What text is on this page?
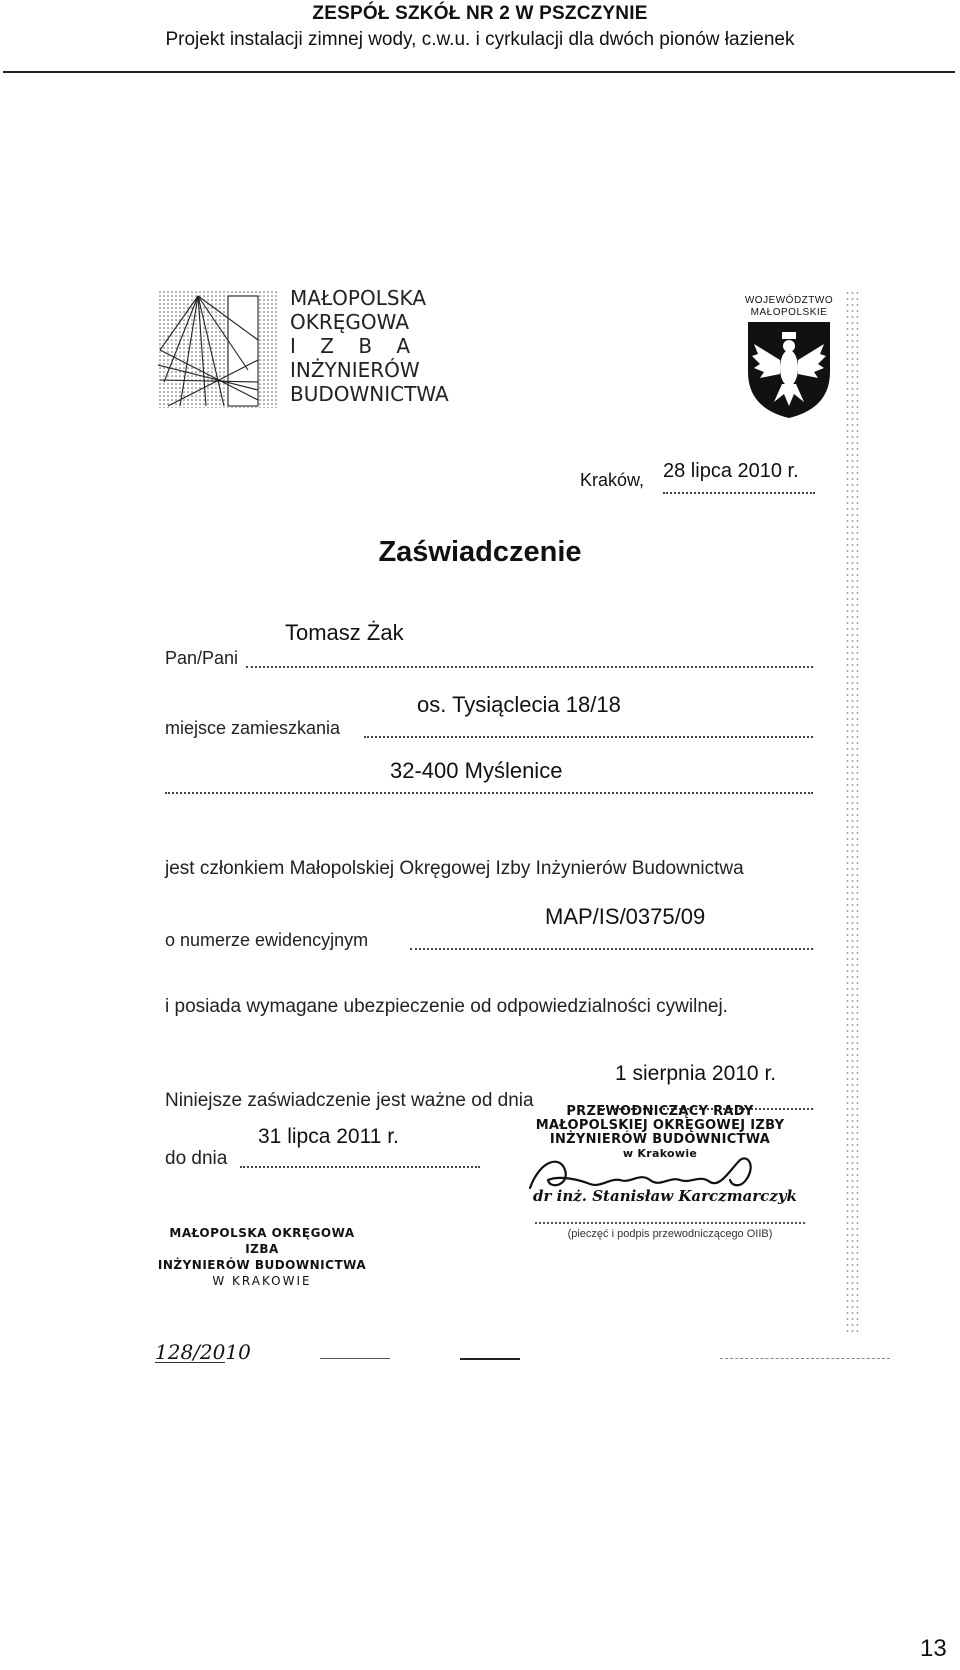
ZESPÓŁ SZKÓŁ NR 2 W PSZCZYNIE
Projekt instalacji zimnej wody, c.w.u. i cyrkulacji dla dwóch pionów łazienek
MAŁOPOLSKA
OKRĘGOWA
I Z B A
INŻYNIERÓW
BUDOWNICTWA
WOJEWÓDZTWO
MAŁOPOLSKIE
Kraków, 28 lipca 2010 r.
Zaświadczenie
Tomasz Żak
Pan/Pani
os. Tysiąclecia 18/18
miejsce zamieszkania
32-400 Myślenice
jest członkiem Małopolskiej Okręgowej Izby Inżynierów Budownictwa
MAP/IS/0375/09
o numerze ewidencyjnym
i posiada wymagane ubezpieczenie od odpowiedzialności cywilnej.
1 sierpnia 2010 r.
Niniejsze zaświadczenie jest ważne od dnia
31 lipca 2011 r.
do dnia
PRZEWODNICZĄCY RADY
MAŁOPOLSKIEJ OKRĘGOWEJ IZBY
INŻYNIERÓW BUDOWNICTWA
w Krakowie
dr inż. Stanisław Karczmarczyk
(pieczęć i podpis przewodniczącego OIIB)
MAŁOPOLSKA OKRĘGOWA IZBA
INŻYNIERÓW BUDOWNICTWA
W KRAKOWIE
128/2010
13
